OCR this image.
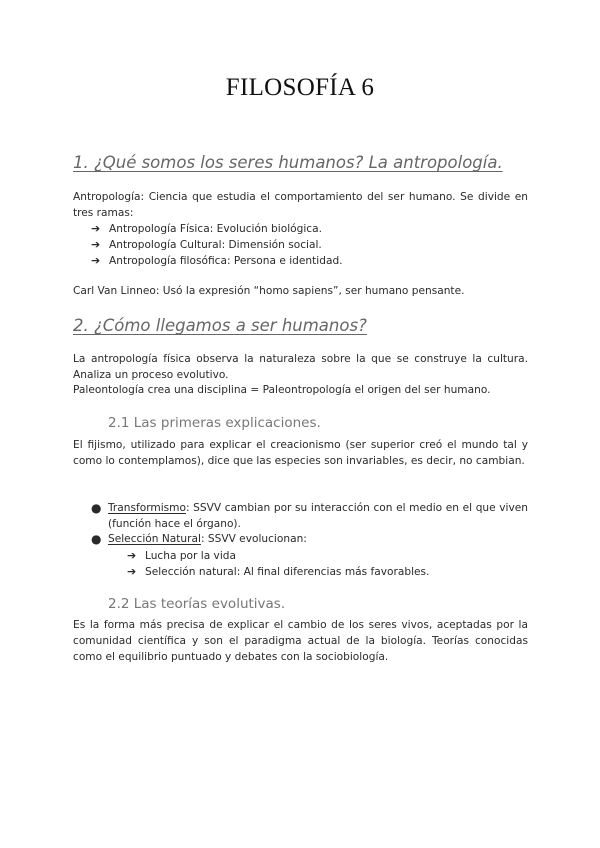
FILOSOFÍA 6
1. ¿Qué somos los seres humanos? La antropología.

Antropología: Ciencia que estudia el comportamiento del ser humano. Se divide en tres ramas:

➔ Antropología Física: Evolución biológica.
➔ Antropología Cultural: Dimensión social.
➔ Antropología filosófica: Persona e identidad.

Carl Van Linneo: Usó la expresión “homo sapiens”, ser humano pensante.

2. ¿Cómo llegamos a ser humanos?

La antropología física observa la naturaleza sobre la que se construye la cultura. Analiza un proceso evolutivo.

Paleontología crea una disciplina = Paleontropología el origen del ser humano.

2.1 Las primeras explicaciones.

El fijismo, utilizado para explicar el creacionismo (ser superior creó el mundo tal y como lo contemplamos), dice que las especies son invariables, es decir, no cambian.

● Transformismo: SSVV cambian por su interacción con el medio en el que viven (función hace el órgano).
● Selección Natural: SSVV evolucionan:
➔ Lucha por la vida
➔ Selección natural: Al final diferencias más favorables.
2.2 Las teorías evolutivas.

Es la forma más precisa de explicar el cambio de los seres vivos, aceptadas por la comunidad científica y son el paradigma actual de la biología. Teorías conocidas como el equilibrio puntuado y debates con la sociobiología.
